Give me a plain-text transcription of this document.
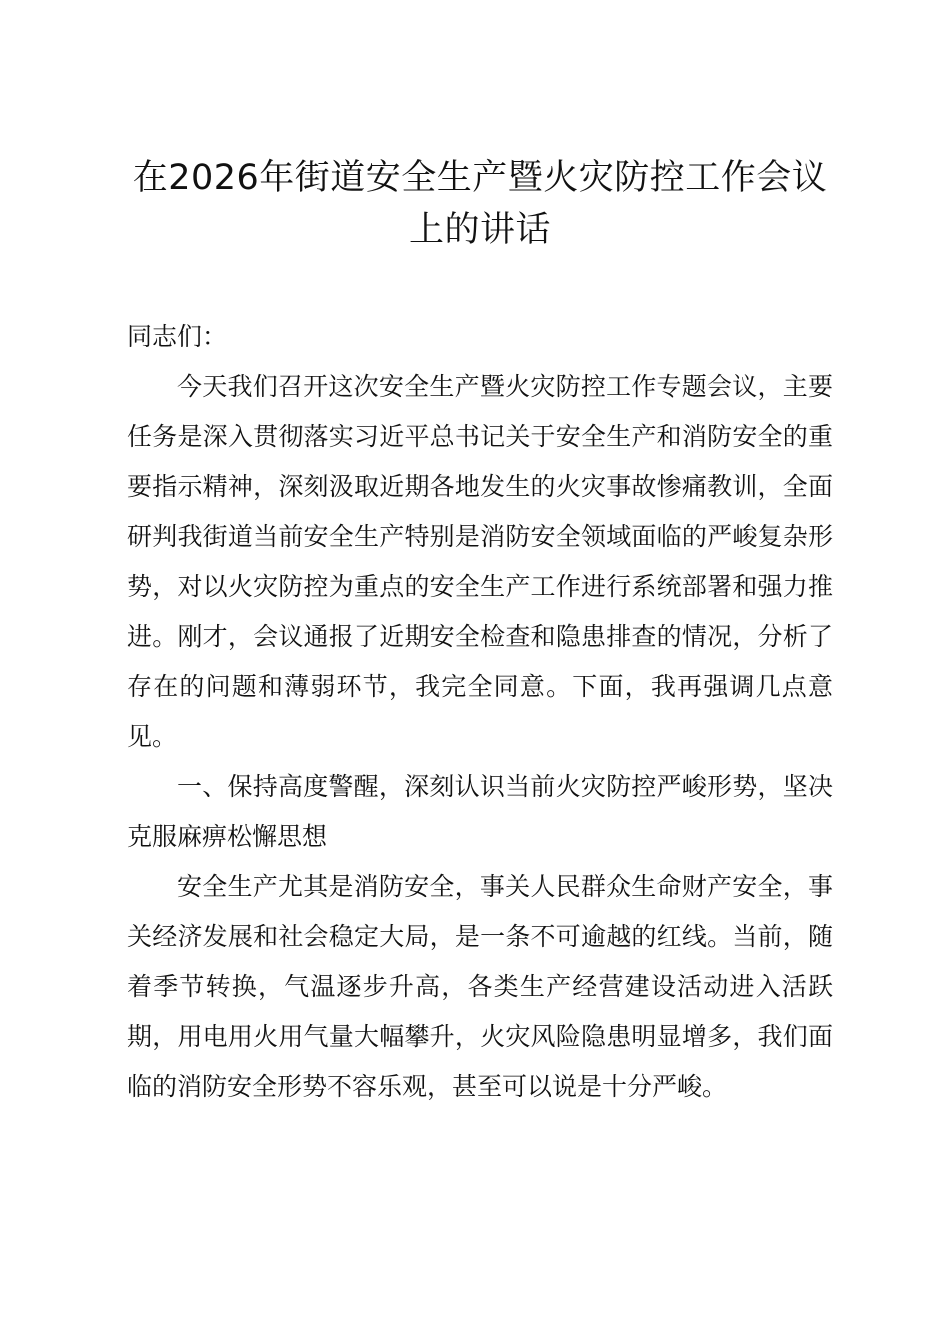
在2026年街道安全生产暨火灾防控工作会议
上的讲话

同志们：

今天我们召开这次安全生产暨火灾防控工作专题会议，主要任务是深入贯彻落实习近平总书记关于安全生产和消防安全的重要指示精神，深刻汲取近期各地发生的火灾事故惨痛教训，全面研判我街道当前安全生产特别是消防安全领域面临的严峻复杂形势，对以火灾防控为重点的安全生产工作进行系统部署和强力推进。刚才，会议通报了近期安全检查和隐患排查的情况，分析了存在的问题和薄弱环节，我完全同意。下面，我再强调几点意见。

一、保持高度警醒，深刻认识当前火灾防控严峻形势，坚决克服麻痹松懈思想

安全生产尤其是消防安全，事关人民群众生命财产安全，事关经济发展和社会稳定大局，是一条不可逾越的红线。当前，随着季节转换，气温逐步升高，各类生产经营建设活动进入活跃期，用电用火用气量大幅攀升，火灾风险隐患明显增多，我们面临的消防安全形势不容乐观，甚至可以说是十分严峻。
